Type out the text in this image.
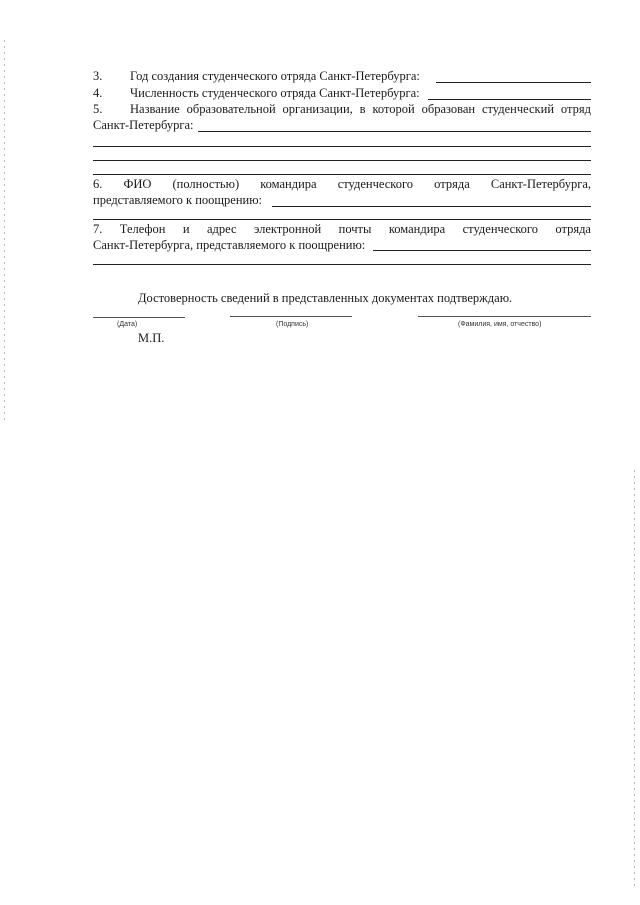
3. Год создания студенческого отряда Санкт-Петербурга:
4. Численность студенческого отряда Санкт-Петербурга:
5. Название образовательной организации, в которой образован студенческий отряд
Санкт-Петербурга:
6. ФИО (полностью) командира студенческого отряда Санкт-Петербурга,
представляемого к поощрению:
7. Телефон и адрес электронной почты командира студенческого отряда
Санкт-Петербурга, представляемого к поощрению:
Достоверность сведений в представленных документах подтверждаю.
(Дата)	(Подпись)	(Фамилия, имя, отчество)
М.П.
